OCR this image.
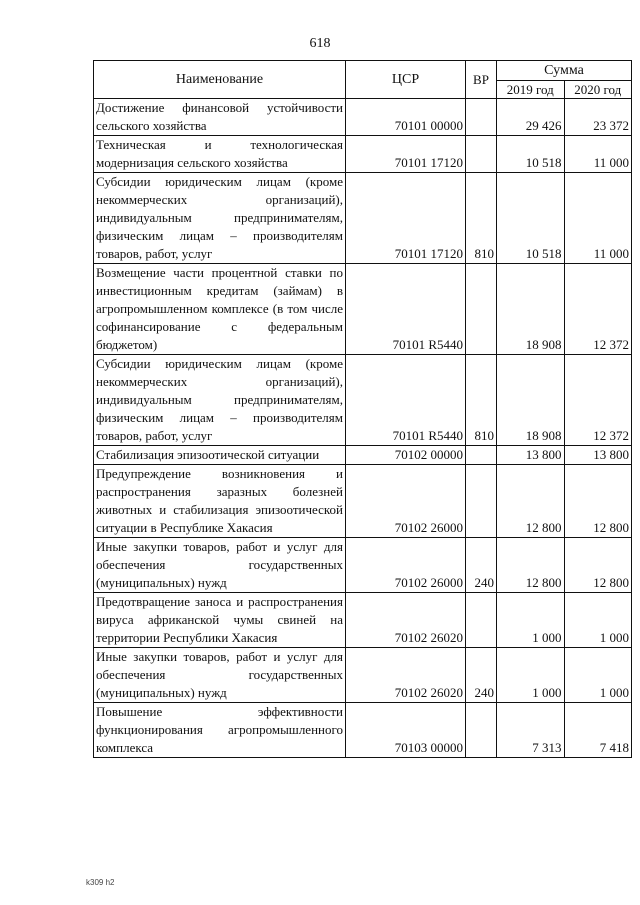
618
Наименование	ЦСР	ВР	Сумма	
			2019 год	2020 год
Достижение финансовой устойчивости сельского хозяйства	70101 00000		29 426	23 372
Техническая и технологическая модернизация сельского хозяйства	70101 17120		10 518	11 000
Субсидии юридическим лицам (кроме некоммерческих организаций), индивидуальным предпринимателям, физическим лицам – производителям товаров, работ, услуг	70101 17120	810	10 518	11 000
Возмещение части процентной ставки по инвестиционным кредитам (займам) в агропромышленном комплексе (в том числе софинансирование с федеральным бюджетом)	70101 R5440		18 908	12 372
Субсидии юридическим лицам (кроме некоммерческих организаций), индивидуальным предпринимателям, физическим лицам – производителям товаров, работ, услуг	70101 R5440	810	18 908	12 372
Стабилизация эпизоотической ситуации	70102 00000		13 800	13 800
Предупреждение возникновения и распространения заразных болезней животных и стабилизация эпизоотической ситуации в Республике Хакасия	70102 26000		12 800	12 800
Иные закупки товаров, работ и услуг для обеспечения государственных (муниципальных) нужд	70102 26000	240	12 800	12 800
Предотвращение заноса и распространения вируса африканской чумы свиней на территории Республики Хакасия	70102 26020		1 000	1 000
Иные закупки товаров, работ и услуг для обеспечения государственных (муниципальных) нужд	70102 26020	240	1 000	1 000
Повышение эффективности функционирования агропромышленного комплекса	70103 00000		7 313	7 418
k309 h2
